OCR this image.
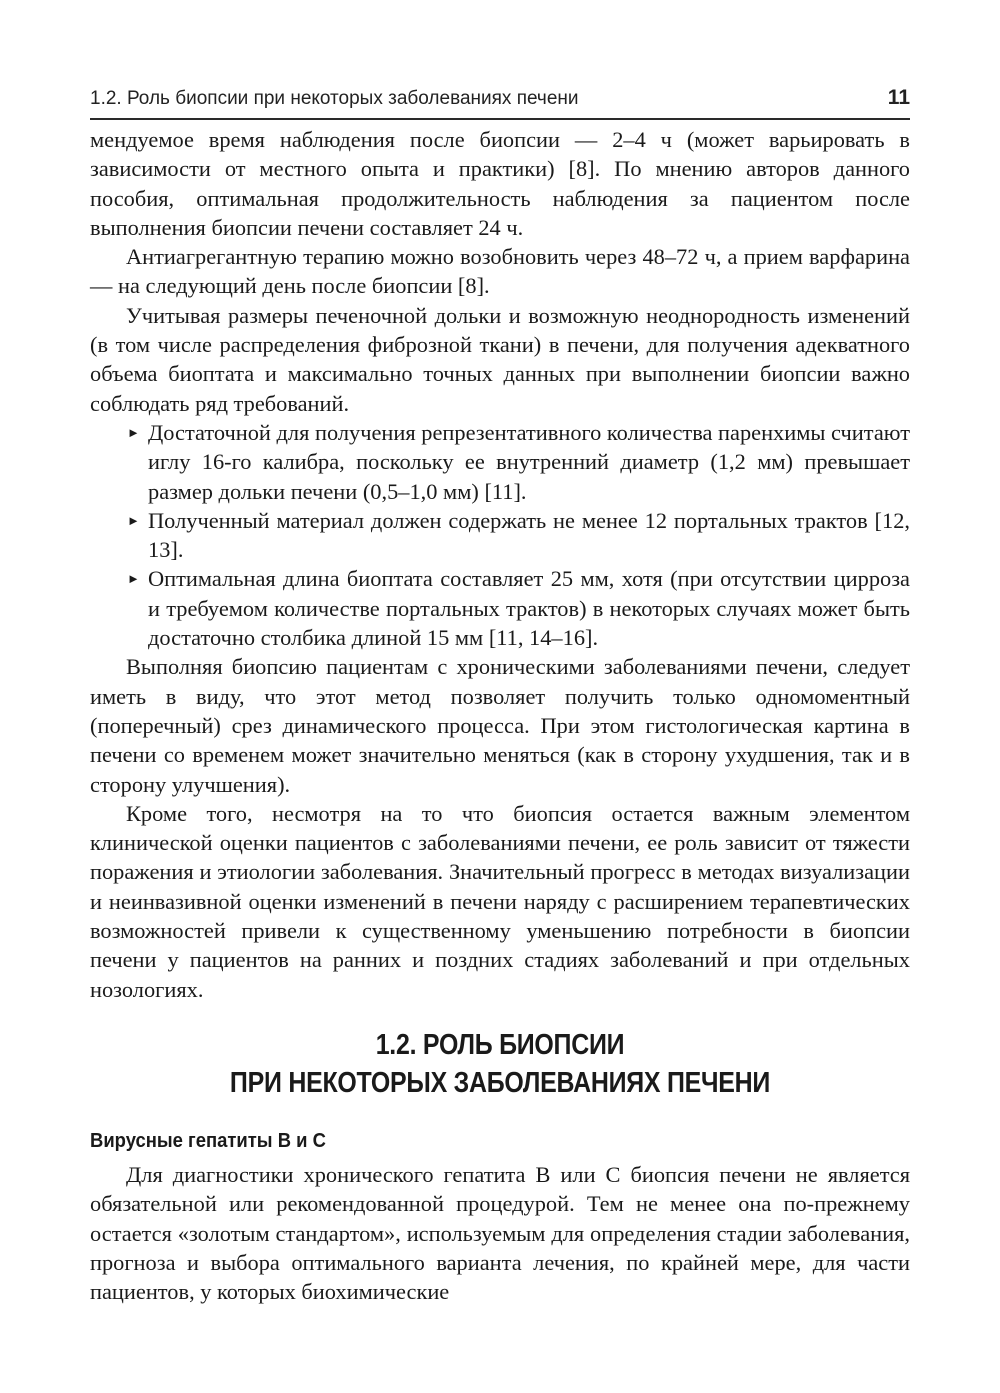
1.2. Роль биопсии при некоторых заболеваниях печени	11

мендуемое время наблюдения после биопсии — 2–4 ч (может варьировать в зависимости от местного опыта и практики) [8]. По мнению авторов данного пособия, оптимальная продолжительность наблюдения за пациентом после выполнения биопсии печени составляет 24 ч.

Антиагрегантную терапию можно возобновить через 48–72 ч, а прием варфарина — на следующий день после биопсии [8].

Учитывая размеры печеночной дольки и возможную неоднородность изменений (в том числе распределения фиброзной ткани) в печени, для получения адекватного объема биоптата и максимально точных данных при выполнении биопсии важно соблюдать ряд требований.

► Достаточной для получения репрезентативного количества паренхимы считают иглу 16-го калибра, поскольку ее внутренний диаметр (1,2 мм) превышает размер дольки печени (0,5–1,0 мм) [11].
► Полученный материал должен содержать не менее 12 портальных трактов [12, 13].
► Оптимальная длина биоптата составляет 25 мм, хотя (при отсутствии цирроза и требуемом количестве портальных трактов) в некоторых случаях может быть достаточно столбика длиной 15 мм [11, 14–16].

Выполняя биопсию пациентам с хроническими заболеваниями печени, следует иметь в виду, что этот метод позволяет получить только одномоментный (поперечный) срез динамического процесса. При этом гистологическая картина в печени со временем может значительно меняться (как в сторону ухудшения, так и в сторону улучшения).

Кроме того, несмотря на то что биопсия остается важным элементом клинической оценки пациентов с заболеваниями печени, ее роль зависит от тяжести поражения и этиологии заболевания. Значительный прогресс в методах визуализации и неинвазивной оценки изменений в печени наряду с расширением терапевтических возможностей привели к существенному уменьшению потребности в биопсии печени у пациентов на ранних и поздних стадиях заболеваний и при отдельных нозологиях.

1.2. РОЛЬ БИОПСИИ
ПРИ НЕКОТОРЫХ ЗАБОЛЕВАНИЯХ ПЕЧЕНИ
Вирусные гепатиты В и С

Для диагностики хронического гепатита В или С биопсия печени не является обязательной или рекомендованной процедурой. Тем не менее она по-прежнему остается «золотым стандартом», используемым для определения стадии заболевания, прогноза и выбора оптимального варианта лечения, по крайней мере, для части пациентов, у которых биохимические
